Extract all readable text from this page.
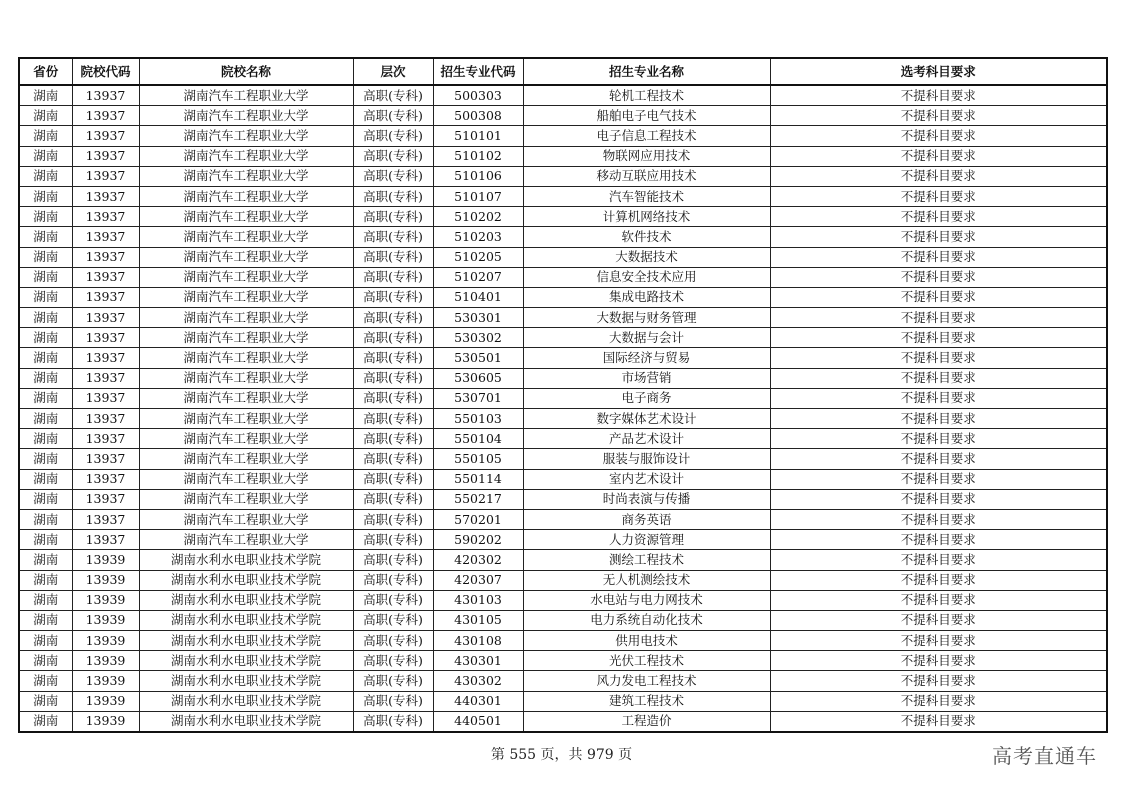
省份	院校代码	院校名称	层次	招生专业代码	招生专业名称	选考科目要求
湖南	13937	湖南汽车工程职业大学	高职(专科)	500303	轮机工程技术	不提科目要求
湖南	13937	湖南汽车工程职业大学	高职(专科)	500308	船舶电子电气技术	不提科目要求
湖南	13937	湖南汽车工程职业大学	高职(专科)	510101	电子信息工程技术	不提科目要求
湖南	13937	湖南汽车工程职业大学	高职(专科)	510102	物联网应用技术	不提科目要求
湖南	13937	湖南汽车工程职业大学	高职(专科)	510106	移动互联应用技术	不提科目要求
湖南	13937	湖南汽车工程职业大学	高职(专科)	510107	汽车智能技术	不提科目要求
湖南	13937	湖南汽车工程职业大学	高职(专科)	510202	计算机网络技术	不提科目要求
湖南	13937	湖南汽车工程职业大学	高职(专科)	510203	软件技术	不提科目要求
湖南	13937	湖南汽车工程职业大学	高职(专科)	510205	大数据技术	不提科目要求
湖南	13937	湖南汽车工程职业大学	高职(专科)	510207	信息安全技术应用	不提科目要求
湖南	13937	湖南汽车工程职业大学	高职(专科)	510401	集成电路技术	不提科目要求
湖南	13937	湖南汽车工程职业大学	高职(专科)	530301	大数据与财务管理	不提科目要求
湖南	13937	湖南汽车工程职业大学	高职(专科)	530302	大数据与会计	不提科目要求
湖南	13937	湖南汽车工程职业大学	高职(专科)	530501	国际经济与贸易	不提科目要求
湖南	13937	湖南汽车工程职业大学	高职(专科)	530605	市场营销	不提科目要求
湖南	13937	湖南汽车工程职业大学	高职(专科)	530701	电子商务	不提科目要求
湖南	13937	湖南汽车工程职业大学	高职(专科)	550103	数字媒体艺术设计	不提科目要求
湖南	13937	湖南汽车工程职业大学	高职(专科)	550104	产品艺术设计	不提科目要求
湖南	13937	湖南汽车工程职业大学	高职(专科)	550105	服装与服饰设计	不提科目要求
湖南	13937	湖南汽车工程职业大学	高职(专科)	550114	室内艺术设计	不提科目要求
湖南	13937	湖南汽车工程职业大学	高职(专科)	550217	时尚表演与传播	不提科目要求
湖南	13937	湖南汽车工程职业大学	高职(专科)	570201	商务英语	不提科目要求
湖南	13937	湖南汽车工程职业大学	高职(专科)	590202	人力资源管理	不提科目要求
湖南	13939	湖南水利水电职业技术学院	高职(专科)	420302	测绘工程技术	不提科目要求
湖南	13939	湖南水利水电职业技术学院	高职(专科)	420307	无人机测绘技术	不提科目要求
湖南	13939	湖南水利水电职业技术学院	高职(专科)	430103	水电站与电力网技术	不提科目要求
湖南	13939	湖南水利水电职业技术学院	高职(专科)	430105	电力系统自动化技术	不提科目要求
湖南	13939	湖南水利水电职业技术学院	高职(专科)	430108	供用电技术	不提科目要求
湖南	13939	湖南水利水电职业技术学院	高职(专科)	430301	光伏工程技术	不提科目要求
湖南	13939	湖南水利水电职业技术学院	高职(专科)	430302	风力发电工程技术	不提科目要求
湖南	13939	湖南水利水电职业技术学院	高职(专科)	440301	建筑工程技术	不提科目要求
湖南	13939	湖南水利水电职业技术学院	高职(专科)	440501	工程造价	不提科目要求
第 555 页，共 979 页	高考直通车
